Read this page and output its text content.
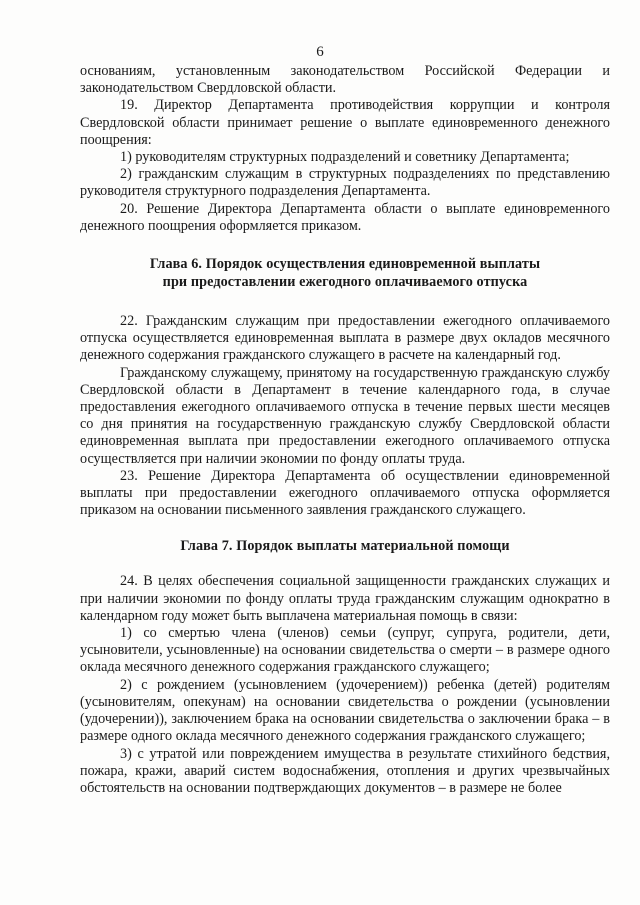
6

основаниям, установленным законодательством Российской Федерации и законодательством Свердловской области.

19. Директор Департамента противодействия коррупции и контроля Свердловской области принимает решение о выплате единовременного денежного поощрения:

1) руководителям структурных подразделений и советнику Департамента;

2) гражданским служащим в структурных подразделениях по представлению руководителя структурного подразделения Департамента.

20. Решение Директора Департамента области о выплате единовременного денежного поощрения оформляется приказом.

Глава 6. Порядок осуществления единовременной выплаты
при предоставлении ежегодного оплачиваемого отпуска

22. Гражданским служащим при предоставлении ежегодного оплачиваемого отпуска осуществляется единовременная выплата в размере двух окладов месячного денежного содержания гражданского служащего в расчете на календарный год.

Гражданскому служащему, принятому на государственную гражданскую службу Свердловской области в Департамент в течение календарного года, в случае предоставления ежегодного оплачиваемого отпуска в течение первых шести месяцев со дня принятия на государственную гражданскую службу Свердловской области единовременная выплата при предоставлении ежегодного оплачиваемого отпуска осуществляется при наличии экономии по фонду оплаты труда.

23. Решение Директора Департамента об осуществлении единовременной выплаты при предоставлении ежегодного оплачиваемого отпуска оформляется приказом на основании письменного заявления гражданского служащего.

Глава 7. Порядок выплаты материальной помощи

24. В целях обеспечения социальной защищенности гражданских служащих и при наличии экономии по фонду оплаты труда гражданским служащим однократно в календарном году может быть выплачена материальная помощь в связи:

1) со смертью члена (членов) семьи (супруг, супруга, родители, дети, усыновители, усыновленные) на основании свидетельства о смерти – в размере одного оклада месячного денежного содержания гражданского служащего;

2) с рождением (усыновлением (удочерением)) ребенка (детей) родителям (усыновителям, опекунам) на основании свидетельства о рождении (усыновлении (удочерении)), заключением брака на основании свидетельства о заключении брака – в размере одного оклада месячного денежного содержания гражданского служащего;

3) с утратой или повреждением имущества в результате стихийного бедствия, пожара, кражи, аварий систем водоснабжения, отопления и других чрезвычайных обстоятельств на основании подтверждающих документов – в размере не более
